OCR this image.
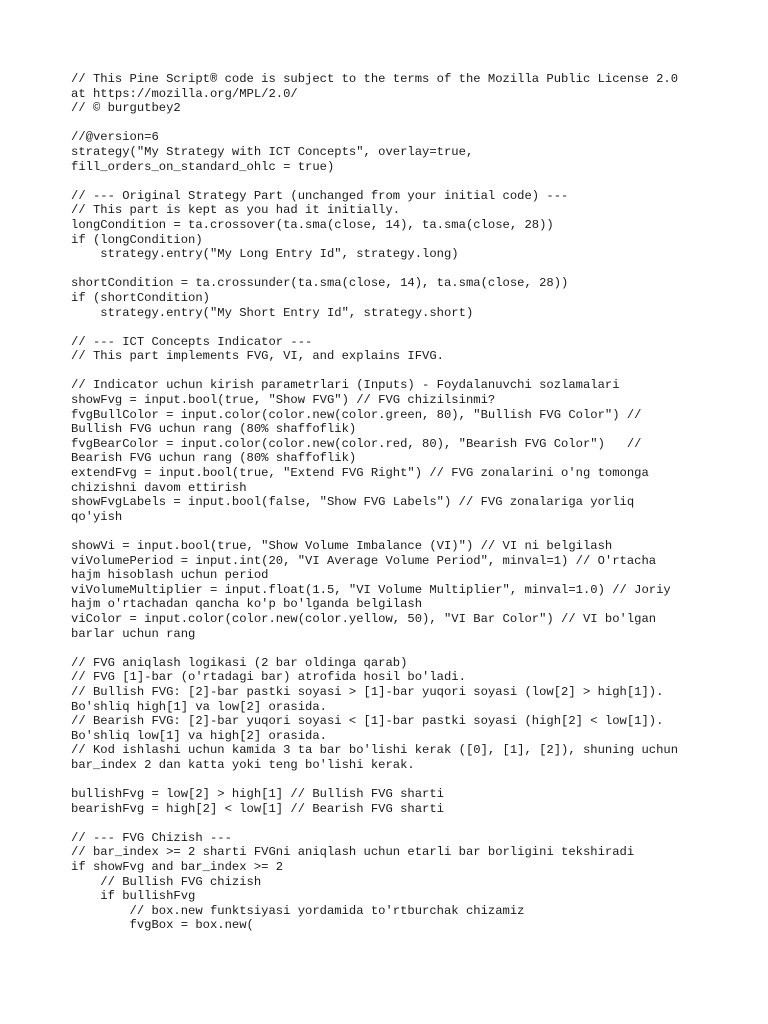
// This Pine Script® code is subject to the terms of the Mozilla Public License 2.0
at https://mozilla.org/MPL/2.0/
// © burgutbey2
//@version=6
strategy("My Strategy with ICT Concepts", overlay=true,
fill_orders_on_standard_ohlc = true)
// --- Original Strategy Part (unchanged from your initial code) ---
// This part is kept as you had it initially.
longCondition = ta.crossover(ta.sma(close, 14), ta.sma(close, 28))
if (longCondition)
strategy.entry("My Long Entry Id", strategy.long)
shortCondition = ta.crossunder(ta.sma(close, 14), ta.sma(close, 28))
if (shortCondition)
strategy.entry("My Short Entry Id", strategy.short)
// --- ICT Concepts Indicator ---
// This part implements FVG, VI, and explains IFVG.
// Indicator uchun kirish parametrlari (Inputs) - Foydalanuvchi sozlamalari
showFvg = input.bool(true, "Show FVG") // FVG chizilsinmi?
fvgBullColor = input.color(color.new(color.green, 80), "Bullish FVG Color") //
Bullish FVG uchun rang (80% shaffoflik)
fvgBearColor = input.color(color.new(color.red, 80), "Bearish FVG Color")   //
Bearish FVG uchun rang (80% shaffoflik)
extendFvg = input.bool(true, "Extend FVG Right") // FVG zonalarini o'ng tomonga
chizishni davom ettirish
showFvgLabels = input.bool(false, "Show FVG Labels") // FVG zonalariga yorliq
qo'yish
showVi = input.bool(true, "Show Volume Imbalance (VI)") // VI ni belgilash
viVolumePeriod = input.int(20, "VI Average Volume Period", minval=1) // O'rtacha
hajm hisoblash uchun period
viVolumeMultiplier = input.float(1.5, "VI Volume Multiplier", minval=1.0) // Joriy
hajm o'rtachadan qancha ko'p bo'lganda belgilash
viColor = input.color(color.new(color.yellow, 50), "VI Bar Color") // VI bo'lgan
barlar uchun rang
// FVG aniqlash logikasi (2 bar oldinga qarab)
// FVG [1]-bar (o'rtadagi bar) atrofida hosil bo'ladi.
// Bullish FVG: [2]-bar pastki soyasi > [1]-bar yuqori soyasi (low[2] > high[1]).
Bo'shliq high[1] va low[2] orasida.
// Bearish FVG: [2]-bar yuqori soyasi < [1]-bar pastki soyasi (high[2] < low[1]).
Bo'shliq low[1] va high[2] orasida.
// Kod ishlashi uchun kamida 3 ta bar bo'lishi kerak ([0], [1], [2]), shuning uchun
bar_index 2 dan katta yoki teng bo'lishi kerak.
bullishFvg = low[2] > high[1] // Bullish FVG sharti
bearishFvg = high[2] < low[1] // Bearish FVG sharti
// --- FVG Chizish ---
// bar_index >= 2 sharti FVGni aniqlash uchun etarli bar borligini tekshiradi
if showFvg and bar_index >= 2
// Bullish FVG chizish
if bullishFvg
// box.new funktsiyasi yordamida to'rtburchak chizamiz
fvgBox = box.new(
